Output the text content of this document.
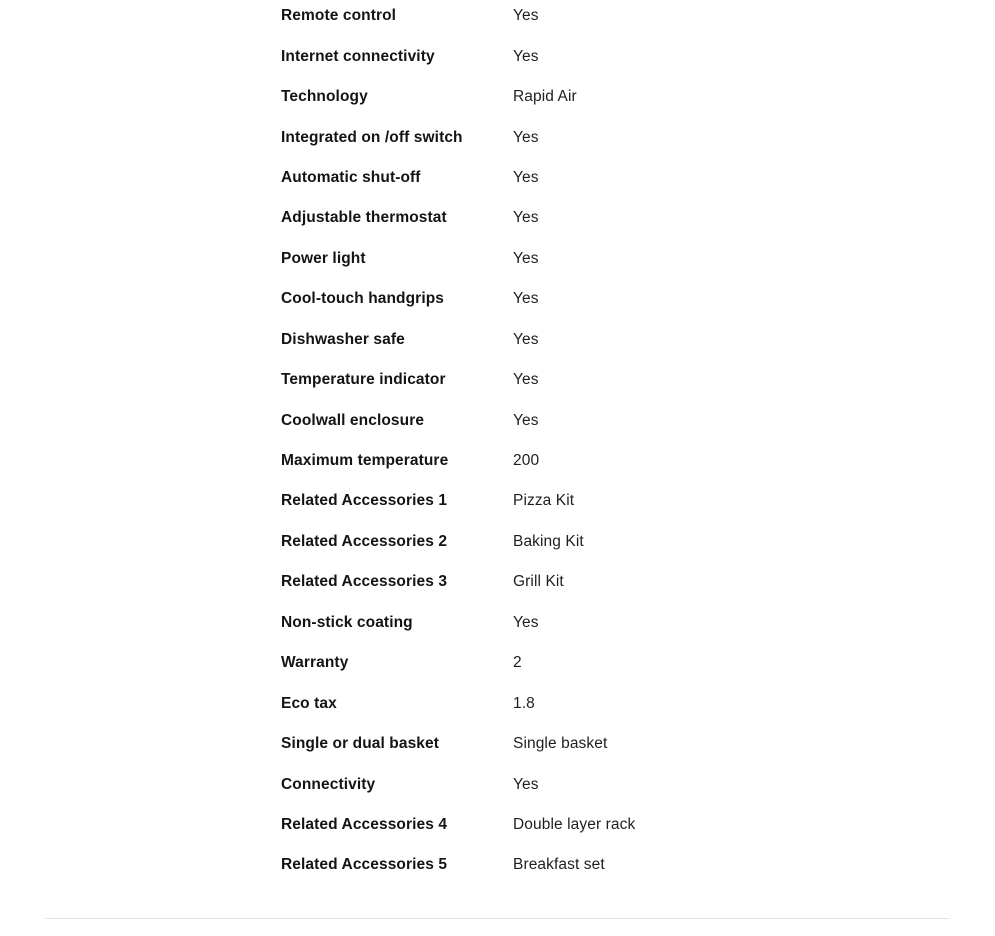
Remote control	Yes
Internet connectivity	Yes
Technology	Rapid Air
Integrated on /off switch	Yes
Automatic shut-off	Yes
Adjustable thermostat	Yes
Power light	Yes
Cool-touch handgrips	Yes
Dishwasher safe	Yes
Temperature indicator	Yes
Coolwall enclosure	Yes
Maximum temperature	200
Related Accessories 1	Pizza Kit
Related Accessories 2	Baking Kit
Related Accessories 3	Grill Kit
Non-stick coating	Yes
Warranty	2
Eco tax	1.8
Single or dual basket	Single basket
Connectivity	Yes
Related Accessories 4	Double layer rack
Related Accessories 5	Breakfast set
